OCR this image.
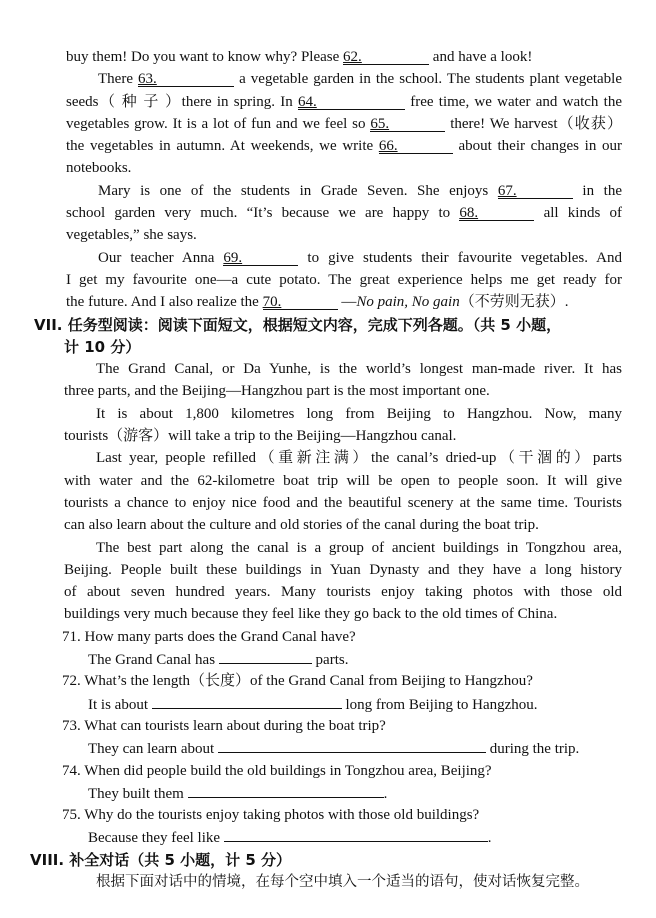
buy them! Do you want to know why? Please 62.	and have a look!
There 63.	a vegetable garden in the school. The students plant vegetable
seeds（ 种 子 ）there in spring. In 64.	free time, we water and watch the
vegetables grow. It is a lot of fun and we feel so 65.	there! We harvest（收获）
the vegetables in autumn. At weekends, we write 66.	about their changes in our
notebooks.
Mary is one of the students in Grade Seven. She enjoys 67.	in the
school garden very much. “It’s because we are happy to 68.	all kinds of
vegetables,” she says.
Our teacher Anna 69.	to give students their favourite vegetables. And
I get my favourite one—a cute potato. The great experience helps me get ready for
the future. And I also realize the 70.	—No pain, No gain（不劳则无获）.
VII. 任务型阅读：阅读下面短文，根据短文内容，完成下列各题。（共 5 小题，
计 10 分）
The Grand Canal, or Da Yunhe, is the world’s longest man-made river. It has
three parts, and the Beijing—Hangzhou part is the most important one.
It is about 1,800 kilometres long from Beijing to Hangzhou. Now, many
tourists（游客）will take a trip to the Beijing—Hangzhou canal.
Last year, people refilled（重新注满）the canal’s dried-up（干涸的）parts
with water and the 62-kilometre boat trip will be open to people soon. It will give
tourists a chance to enjoy nice food and the beautiful scenery at the same time. Tourists
can also learn about the culture and old stories of the canal during the boat trip.
The best part along the canal is a group of ancient buildings in Tongzhou area,
Beijing. People built these buildings in Yuan Dynasty and they have a long history
of about seven hundred years. Many tourists enjoy taking photos with those old
buildings very much because they feel like they go back to the old times of China.
71. How many parts does the Grand Canal have?
The Grand Canal has	parts.
72. What’s the length（长度）of the Grand Canal from Beijing to Hangzhou?
It is about	long from Beijing to Hangzhou.
73. What can tourists learn about during the boat trip?
They can learn about	during the trip.
74. When did people build the old buildings in Tongzhou area, Beijing?
They built them	.
75. Why do the tourists enjoy taking photos with those old buildings?
Because they feel like	.
VIII. 补全对话（共 5 小题，计 5 分）
根据下面对话中的情境，在每个空中填入一个适当的语句，使对话恢复完整。
